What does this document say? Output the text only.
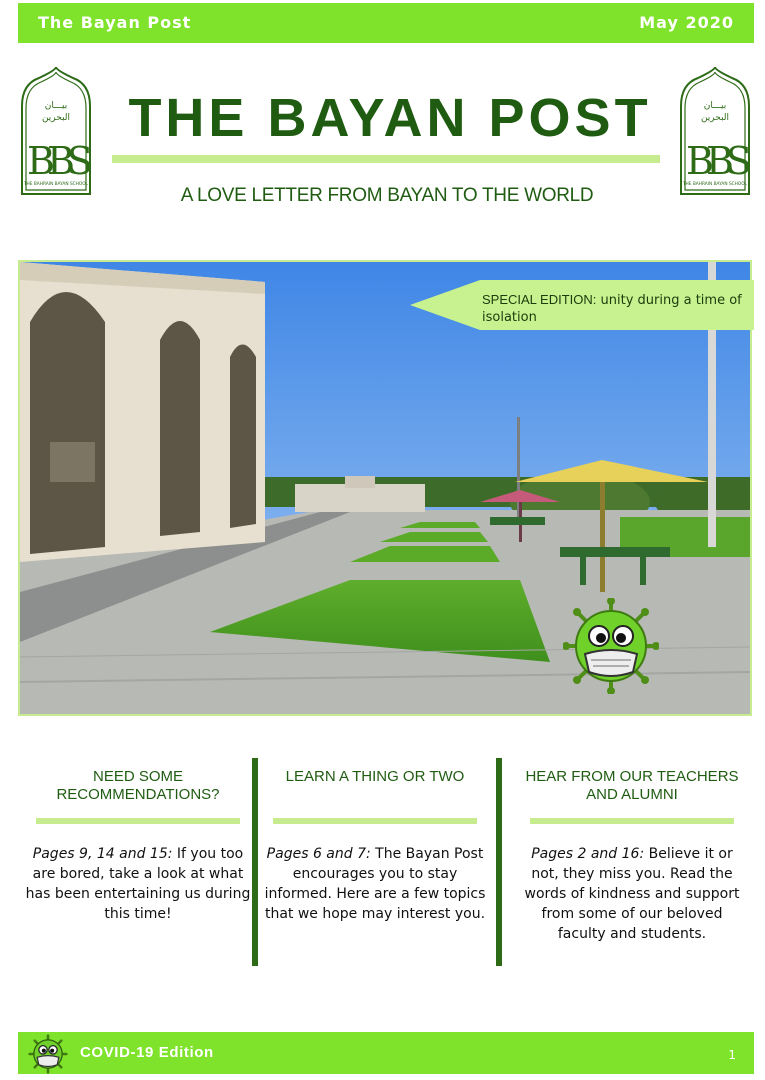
The Bayan Post	May 2020
بيـــان
البحرين
BBS
THE BAHRAIN BAYAN SCHOOL
بيـــان
البحرين
BBS
THE BAHRAIN BAYAN SCHOOL
THE BAYAN POST
A LOVE LETTER FROM BAYAN TO THE WORLD
SPECIAL EDITION: unity during a time of isolation
NEED SOME RECOMMENDATIONS?

Pages 9, 14 and 15: If you too are bored, take a look at what has been entertaining us during this time!

LEARN A THING OR TWO

Pages 6 and 7: The Bayan Post encourages you to stay informed. Here are a few topics that we hope may interest you.

HEAR FROM OUR TEACHERS AND ALUMNI

Pages 2 and 16: Believe it or not, they miss you. Read the words of kindness and support from some of our beloved faculty and students.

COVID-19 Edition	1
